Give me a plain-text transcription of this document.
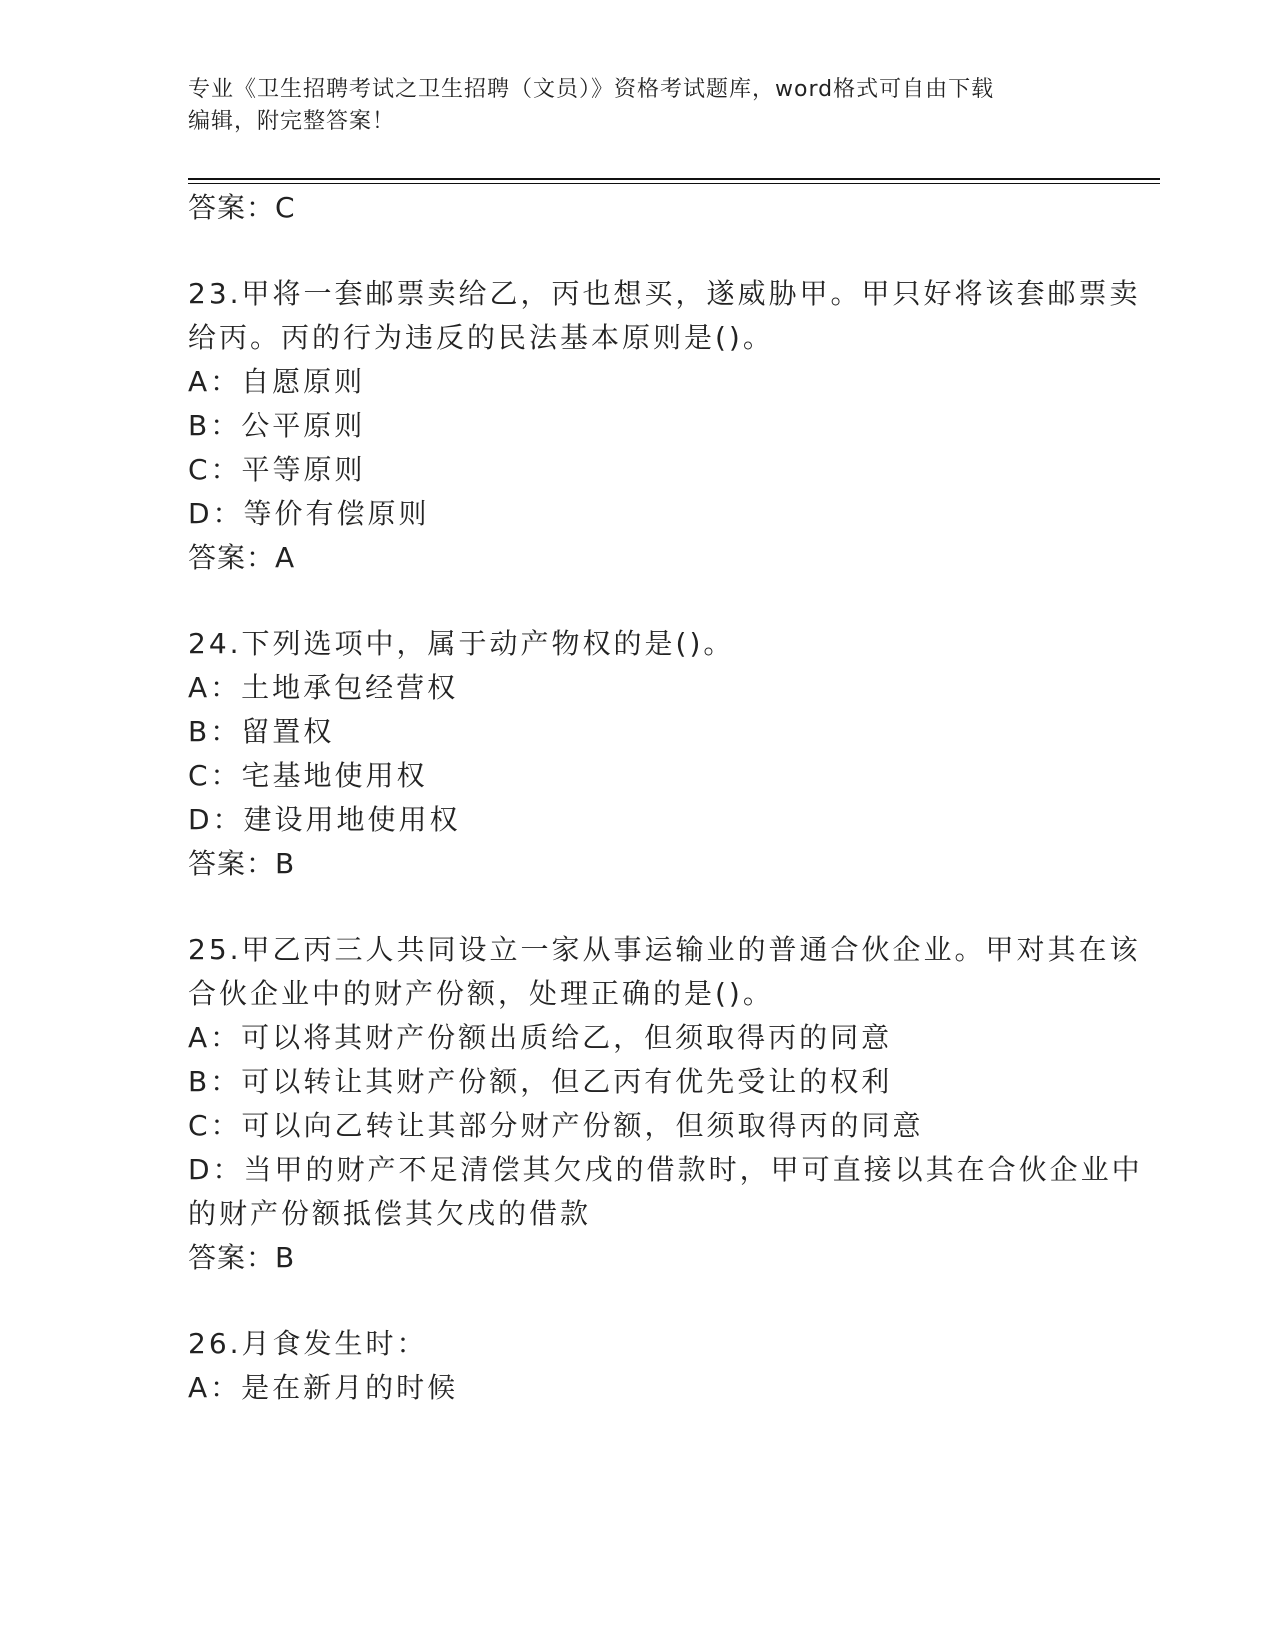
专业《卫生招聘考试之卫生招聘（文员）》资格考试题库，word格式可自由下载
编辑，附完整答案！
答案：C
23.甲将一套邮票卖给乙，丙也想买，遂威胁甲。甲只好将该套邮票卖
给丙。丙的行为违反的民法基本原则是()。
A：自愿原则
B：公平原则
C：平等原则
D：等价有偿原则
答案：A
24.下列选项中，属于动产物权的是()。
A：土地承包经营权
B：留置权
C：宅基地使用权
D：建设用地使用权
答案：B
25.甲乙丙三人共同设立一家从事运输业的普通合伙企业。甲对其在该
合伙企业中的财产份额，处理正确的是()。
A：可以将其财产份额出质给乙，但须取得丙的同意
B：可以转让其财产份额，但乙丙有优先受让的权利
C：可以向乙转让其部分财产份额，但须取得丙的同意
D：当甲的财产不足清偿其欠戌的借款时，甲可直接以其在合伙企业中
的财产份额抵偿其欠戌的借款
答案：B
26.月食发生时：
A：是在新月的时候
